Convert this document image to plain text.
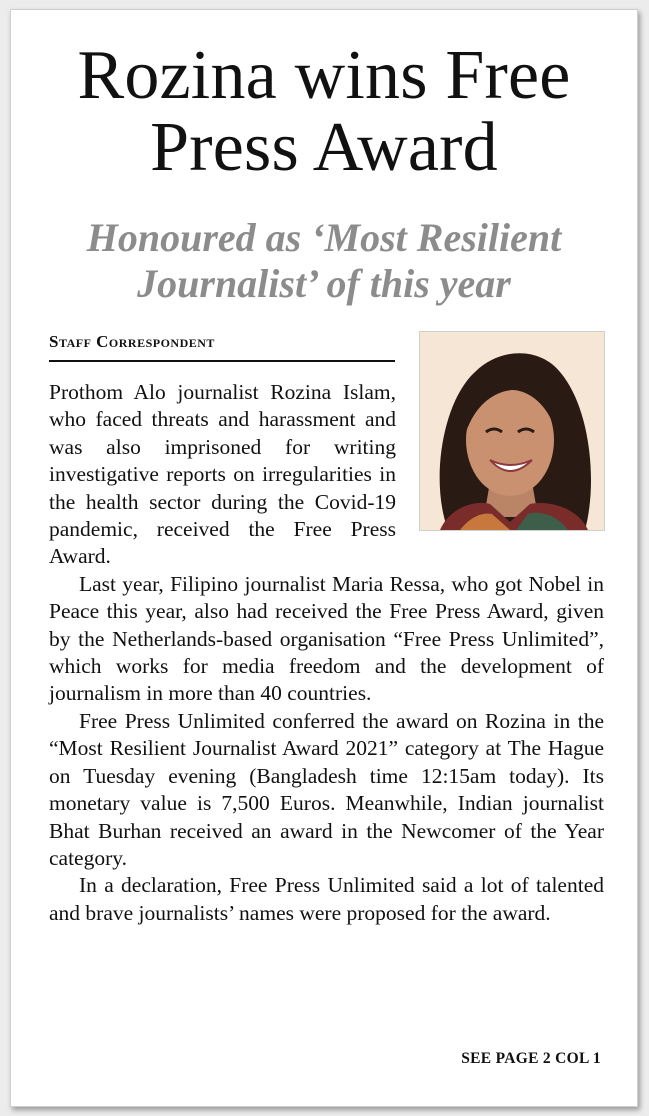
Rozina wins Free Press Award
Honoured as ‘Most Resilient Journalist’ of this year
Staff Correspondent

Prothom Alo journalist Rozina Islam, who faced threats and harassment and was also imprisoned for writing investigative reports on irregularities in the health sector during the Covid-19 pandemic, received the Free Press Award.

Last year, Filipino journalist Maria Ressa, who got Nobel in Peace this year, also had received the Free Press Award, given by the Netherlands-based organisation “Free Press Unlimited”, which works for media freedom and the development of journalism in more than 40 countries.

Free Press Unlimited conferred the award on Rozina in the “Most Resilient Journalist Award 2021” category at The Hague on Tuesday evening (Bangladesh time 12:15am today). Its monetary value is 7,500 Euros. Meanwhile, Indian journalist Bhat Burhan received an award in the Newcomer of the Year category.

In a declaration, Free Press Unlimited said a lot of talented and brave journalists’ names were proposed for the award.

SEE PAGE 2 COL 1
